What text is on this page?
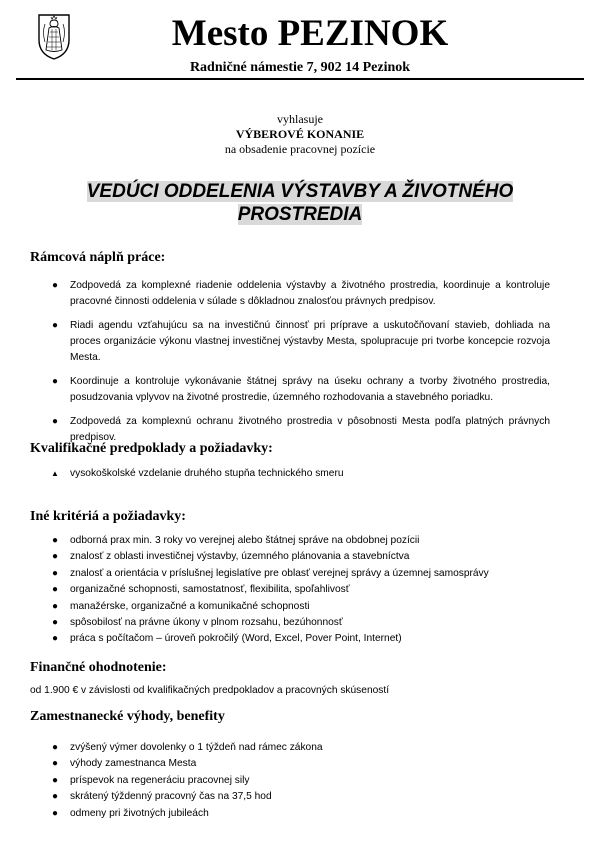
Mesto PEZINOK
Radničné námestie 7, 902 14 Pezinok
vyhlasuje
VÝBEROVÉ KONANIE
na obsadenie pracovnej pozície
VEDÚCI ODDELENIA VÝSTAVBY A ŽIVOTNÉHO
PROSTREDIA
Rámcová náplň práce:
● Zodpovedá za komplexné riadenie oddelenia výstavby a životného prostredia, koordinuje a kontroluje pracovné činnosti oddelenia v súlade s dôkladnou znalosťou právnych predpisov.
● Riadi agendu vzťahujúcu sa na investičnú činnosť pri príprave a uskutočňovaní stavieb, dohliada na proces organizácie výkonu vlastnej investičnej výstavby Mesta, spolupracuje pri tvorbe koncepcie rozvoja Mesta.
● Koordinuje a kontroluje vykonávanie štátnej správy na úseku ochrany a tvorby životného prostredia, posudzovania vplyvov na životné prostredie, územného rozhodovania a stavebného poriadku.
● Zodpovedá za komplexnú ochranu životného prostredia v pôsobnosti Mesta podľa platných právnych predpisov.
Kvalifikačné predpoklady a požiadavky:
▲ vysokoškolské vzdelanie druhého stupňa technického smeru
Iné kritériá a požiadavky:
● odborná prax min. 3 roky vo verejnej alebo štátnej správe na obdobnej pozícii
● znalosť z oblasti investičnej výstavby, územného plánovania a stavebníctva
● znalosť a orientácia v príslušnej legislatíve pre oblasť verejnej správy a územnej samosprávy
● organizačné schopnosti, samostatnosť, flexibilita, spoľahlivosť
● manažérske, organizačné a komunikačné schopnosti
● spôsobilosť na právne úkony v plnom rozsahu, bezúhonnosť
● práca s počítačom – úroveň pokročilý (Word, Excel, Pover Point, Internet)
Finančné ohodnotenie:

od 1.900 € v závislosti od kvalifikačných predpokladov a pracovných skúseností

Zamestnanecké výhody, benefity
● zvýšený výmer dovolenky o 1 týždeň nad rámec zákona
● výhody zamestnanca Mesta
● príspevok na regeneráciu pracovnej sily
● skrátený týždenný pracovný čas na 37,5 hod
● odmeny pri životných jubileách
